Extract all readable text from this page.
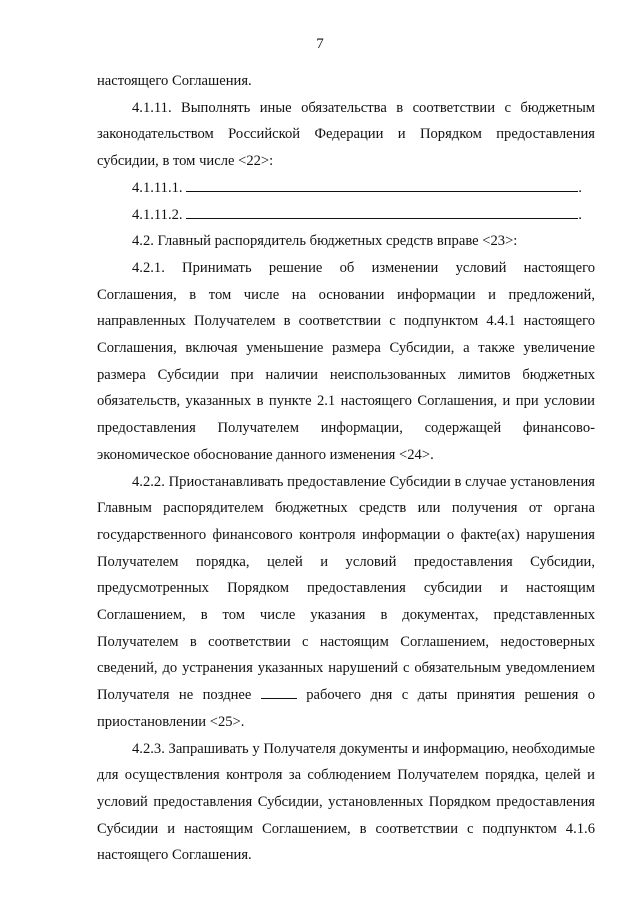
7

настоящего Соглашения.

4.1.11. Выполнять иные обязательства в соответствии с бюджетным законодательством Российской Федерации и Порядком предоставления субсидии, в том числе <22>:

4.1.11.1.	.

4.1.11.2.	.

4.2. Главный распорядитель бюджетных средств вправе <23>:

4.2.1. Принимать решение об изменении условий настоящего Соглашения, в том числе на основании информации и предложений, направленных Получателем в соответствии с подпунктом 4.4.1 настоящего Соглашения, включая уменьшение размера Субсидии, а также увеличение размера Субсидии при наличии неиспользованных лимитов бюджетных обязательств, указанных в пункте 2.1 настоящего Соглашения, и при условии предоставления Получателем информации, содержащей финансово-экономическое обоснование данного изменения <24>.

4.2.2. Приостанавливать предоставление Субсидии в случае установления Главным распорядителем бюджетных средств или получения от органа государственного финансового контроля информации о факте(ах) нарушения Получателем порядка, целей и условий предоставления Субсидии, предусмотренных Порядком предоставления субсидии и настоящим Соглашением, в том числе указания в документах, представленных Получателем в соответствии с настоящим Соглашением, недостоверных сведений, до устранения указанных нарушений с обязательным уведомлением Получателя не позднее	рабочего дня с даты принятия решения о приостановлении <25>.

4.2.3. Запрашивать у Получателя документы и информацию, необходимые для осуществления контроля за соблюдением Получателем порядка, целей и условий предоставления Субсидии, установленных Порядком предоставления Субсидии и настоящим Соглашением, в соответствии с подпунктом 4.1.6 настоящего Соглашения.
